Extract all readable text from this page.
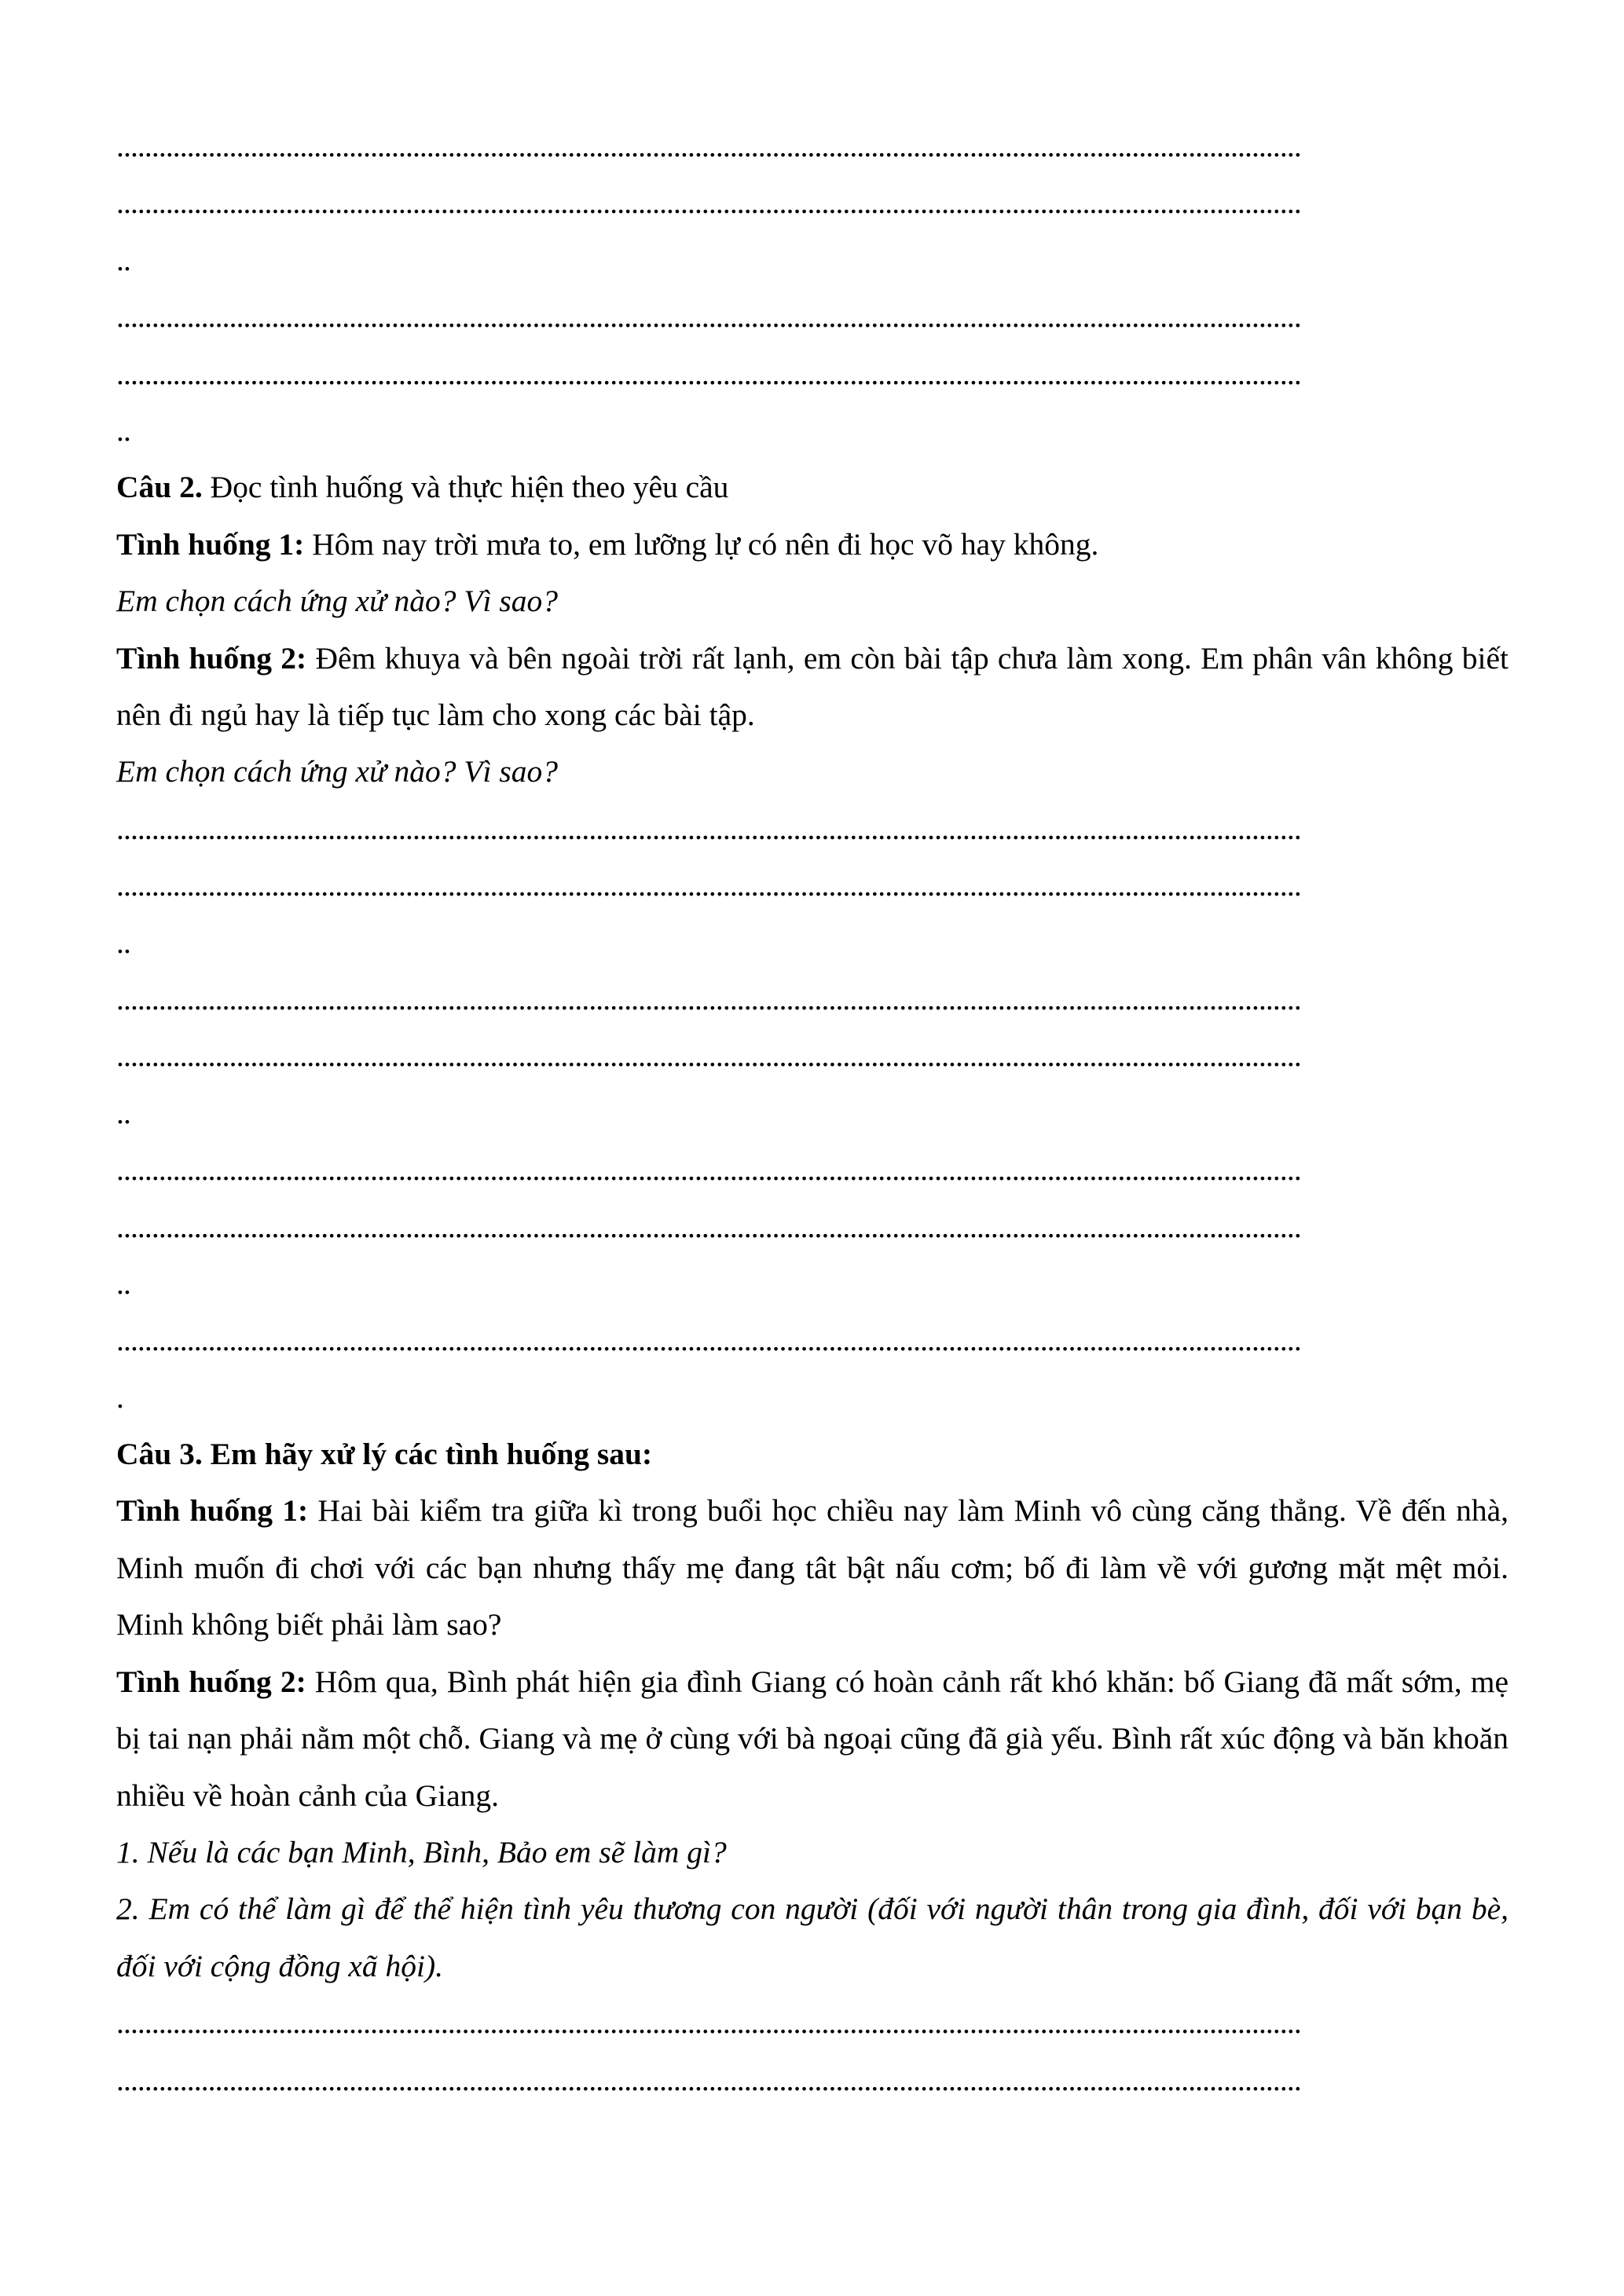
........................................................................................................................................................................
........................................................................................................................................................................
..
........................................................................................................................................................................
........................................................................................................................................................................
..

Câu 2. Đọc tình huống và thực hiện theo yêu cầu

Tình huống 1: Hôm nay trời mưa to, em lưỡng lự có nên đi học võ hay không.

Em chọn cách ứng xử nào? Vì sao?

Tình huống 2: Đêm khuya và bên ngoài trời rất lạnh, em còn bài tập chưa làm xong. Em phân vân không biết nên đi ngủ hay là tiếp tục làm cho xong các bài tập.

Em chọn cách ứng xử nào? Vì sao?

........................................................................................................................................................................
........................................................................................................................................................................
..
........................................................................................................................................................................
........................................................................................................................................................................
..
........................................................................................................................................................................
........................................................................................................................................................................
..
........................................................................................................................................................................
.

Câu 3. Em hãy xử lý các tình huống sau:

Tình huống 1: Hai bài kiểm tra giữa kì trong buổi học chiều nay làm Minh vô cùng căng thẳng. Về đến nhà, Minh muốn đi chơi với các bạn nhưng thấy mẹ đang tât bật nấu cơm; bố đi làm về với gương mặt mệt mỏi. Minh không biết phải làm sao?

Tình huống 2: Hôm qua, Bình phát hiện gia đình Giang có hoàn cảnh rất khó khăn: bố Giang đã mất sớm, mẹ bị tai nạn phải nằm một chỗ. Giang và mẹ ở cùng với bà ngoại cũng đã già yếu. Bình rất xúc động và băn khoăn nhiều về hoàn cảnh của Giang.

1. Nếu là các bạn Minh, Bình, Bảo em sẽ làm gì?

2. Em có thể làm gì để thể hiện tình yêu thương con người (đối với người thân trong gia đình, đối với bạn bè, đối với cộng đồng xã hội).

........................................................................................................................................................................
........................................................................................................................................................................
